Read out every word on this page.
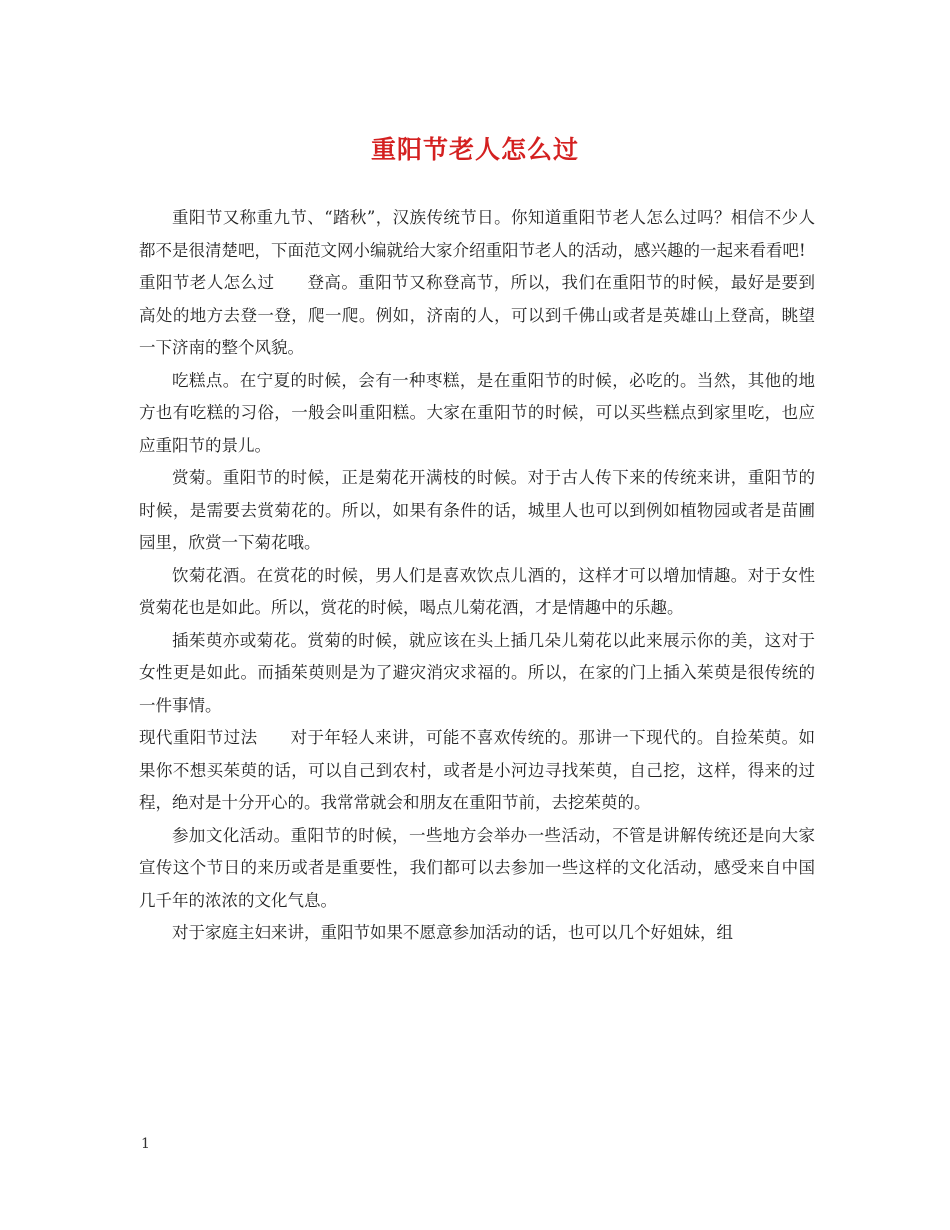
重阳节老人怎么过

重阳节又称重九节、“踏秋”，汉族传统节日。你知道重阳节老人怎么过吗？相信不少人都不是很清楚吧，下面范文网小编就给大家介绍重阳节老人的活动，感兴趣的一起来看看吧!

重阳节老人怎么过 登高。重阳节又称登高节，所以，我们在重阳节的时候，最好是要到高处的地方去登一登，爬一爬。例如，济南的人，可以到千佛山或者是英雄山上登高，眺望一下济南的整个风貌。

吃糕点。在宁夏的时候，会有一种枣糕，是在重阳节的时候，必吃的。当然，其他的地方也有吃糕的习俗，一般会叫重阳糕。大家在重阳节的时候，可以买些糕点到家里吃，也应应重阳节的景儿。

赏菊。重阳节的时候，正是菊花开满枝的时候。对于古人传下来的传统来讲，重阳节的时候，是需要去赏菊花的。所以，如果有条件的话，城里人也可以到例如植物园或者是苗圃园里，欣赏一下菊花哦。

饮菊花酒。在赏花的时候，男人们是喜欢饮点儿酒的，这样才可以增加情趣。对于女性赏菊花也是如此。所以，赏花的时候，喝点儿菊花酒，才是情趣中的乐趣。

插茱萸亦或菊花。赏菊的时候，就应该在头上插几朵儿菊花以此来展示你的美，这对于女性更是如此。而插茱萸则是为了避灾消灾求福的。所以，在家的门上插入茱萸是很传统的一件事情。

现代重阳节过法 对于年轻人来讲，可能不喜欢传统的。那讲一下现代的。自捡茱萸。如果你不想买茱萸的话，可以自己到农村，或者是小河边寻找茱萸，自己挖，这样，得来的过程，绝对是十分开心的。我常常就会和朋友在重阳节前，去挖茱萸的。

参加文化活动。重阳节的时候，一些地方会举办一些活动，不管是讲解传统还是向大家宣传这个节日的来历或者是重要性，我们都可以去参加一些这样的文化活动，感受来自中国几千年的浓浓的文化气息。

对于家庭主妇来讲，重阳节如果不愿意参加活动的话，也可以几个好姐妹，组

1
